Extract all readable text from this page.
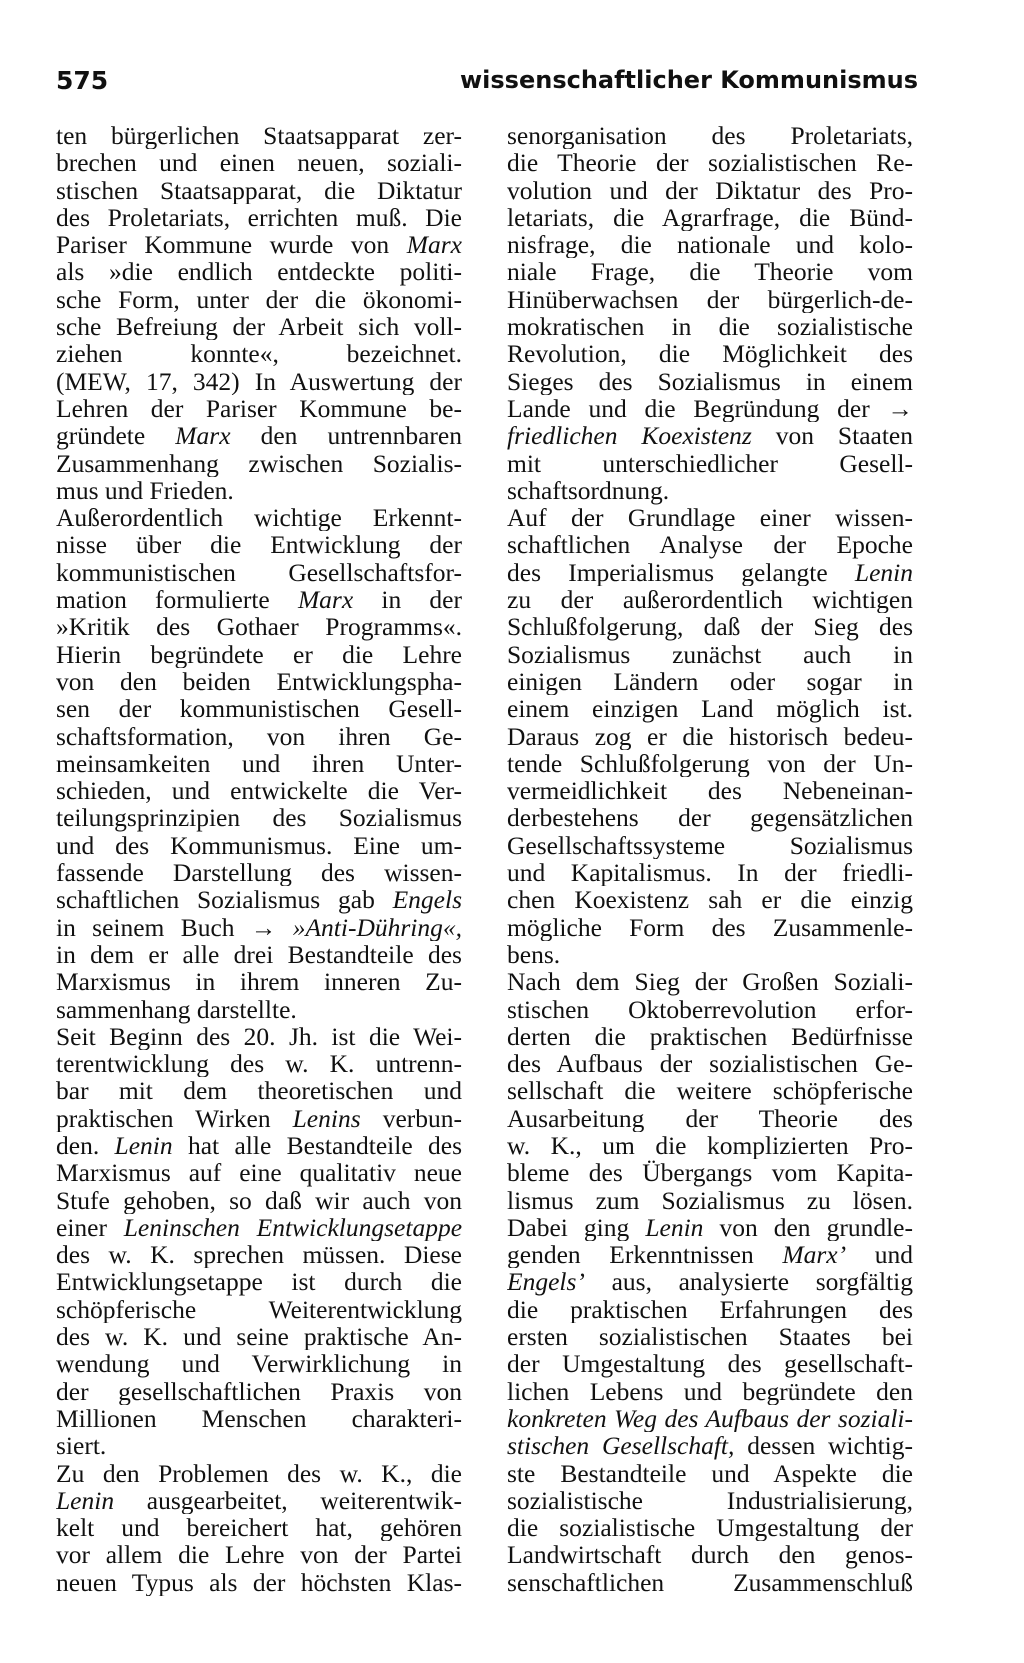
575	wissenschaftlicher Kommunismus
ten bürgerlichen Staatsapparat zer-
brechen und einen neuen, soziali-
stischen Staatsapparat, die Diktatur
des Proletariats, errichten muß. Die
Pariser Kommune wurde von Marx
als »die endlich entdeckte politi-
sche Form, unter der die ökonomi-
sche Befreiung der Arbeit sich voll-
ziehen konnte«, bezeichnet.
(MEW, 17, 342) In Auswertung der
Lehren der Pariser Kommune be-
gründete Marx den untrennbaren
Zusammenhang zwischen Sozialis-
mus und Frieden.
Außerordentlich wichtige Erkennt-
nisse über die Entwicklung der
kommunistischen Gesellschaftsfor-
mation formulierte Marx in der
»Kritik des Gothaer Programms«.
Hierin begründete er die Lehre
von den beiden Entwicklungspha-
sen der kommunistischen Gesell-
schaftsformation, von ihren Ge-
meinsamkeiten und ihren Unter-
schieden, und entwickelte die Ver-
teilungsprinzipien des Sozialismus
und des Kommunismus. Eine um-
fassende Darstellung des wissen-
schaftlichen Sozialismus gab Engels
in seinem Buch → »Anti-Dühring«,
in dem er alle drei Bestandteile des
Marxismus in ihrem inneren Zu-
sammenhang darstellte.
Seit Beginn des 20. Jh. ist die Wei-
terentwicklung des w. K. untrenn-
bar mit dem theoretischen und
praktischen Wirken Lenins verbun-
den. Lenin hat alle Bestandteile des
Marxismus auf eine qualitativ neue
Stufe gehoben, so daß wir auch von
einer Leninschen Entwicklungsetappe
des w. K. sprechen müssen. Diese
Entwicklungsetappe ist durch die
schöpferische Weiterentwicklung
des w. K. und seine praktische An-
wendung und Verwirklichung in
der gesellschaftlichen Praxis von
Millionen Menschen charakteri-
siert.
Zu den Problemen des w. K., die
Lenin ausgearbeitet, weiterentwik-
kelt und bereichert hat, gehören
vor allem die Lehre von der Partei
neuen Typus als der höchsten Klas-
senorganisation des Proletariats,
die Theorie der sozialistischen Re-
volution und der Diktatur des Pro-
letariats, die Agrarfrage, die Bünd-
nisfrage, die nationale und kolo-
niale Frage, die Theorie vom
Hinüberwachsen der bürgerlich-de-
mokratischen in die sozialistische
Revolution, die Möglichkeit des
Sieges des Sozialismus in einem
Lande und die Begründung der →
friedlichen Koexistenz von Staaten
mit unterschiedlicher Gesell-
schaftsordnung.
Auf der Grundlage einer wissen-
schaftlichen Analyse der Epoche
des Imperialismus gelangte Lenin
zu der außerordentlich wichtigen
Schlußfolgerung, daß der Sieg des
Sozialismus zunächst auch in
einigen Ländern oder sogar in
einem einzigen Land möglich ist.
Daraus zog er die historisch bedeu-
tende Schlußfolgerung von der Un-
vermeidlichkeit des Nebeneinan-
derbestehens der gegensätzlichen
Gesellschaftssysteme Sozialismus
und Kapitalismus. In der friedli-
chen Koexistenz sah er die einzig
mögliche Form des Zusammenle-
bens.
Nach dem Sieg der Großen Soziali-
stischen Oktoberrevolution erfor-
derten die praktischen Bedürfnisse
des Aufbaus der sozialistischen Ge-
sellschaft die weitere schöpferische
Ausarbeitung der Theorie des
w. K., um die komplizierten Pro-
bleme des Übergangs vom Kapita-
lismus zum Sozialismus zu lösen.
Dabei ging Lenin von den grundle-
genden Erkenntnissen Marx’ und
Engels’ aus, analysierte sorgfältig
die praktischen Erfahrungen des
ersten sozialistischen Staates bei
der Umgestaltung des gesellschaft-
lichen Lebens und begründete den
konkreten Weg des Aufbaus der soziali-
stischen Gesellschaft, dessen wichtig-
ste Bestandteile und Aspekte die
sozialistische Industrialisierung,
die sozialistische Umgestaltung der
Landwirtschaft durch den genos-
senschaftlichen Zusammenschluß
